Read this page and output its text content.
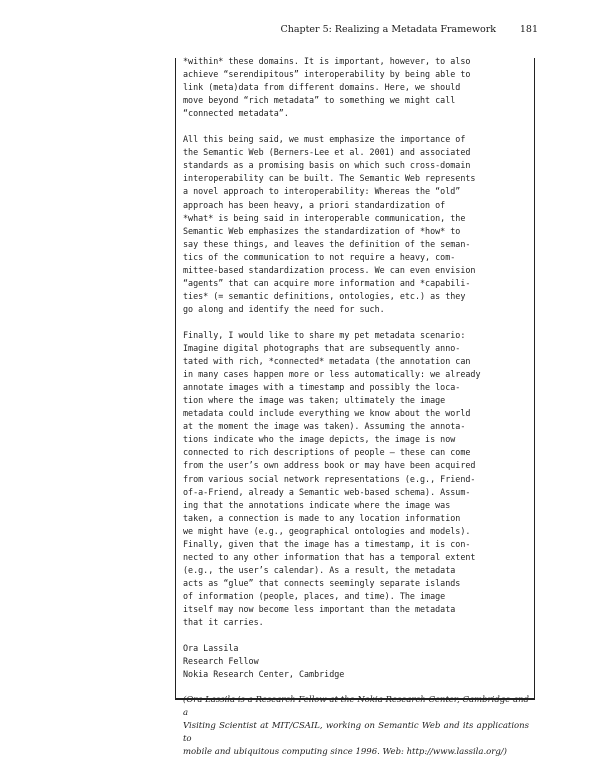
Chapter 5: Realizing a Metadata Framework	181

*within* these domains. It is important, however, to also
achieve “serendipitous” interoperability by being able to
link (meta)data from different domains. Here, we should
move beyond “rich metadata” to something we might call
“connected metadata”.

All this being said, we must emphasize the importance of
the Semantic Web (Berners-Lee et al. 2001) and associated
standards as a promising basis on which such cross-domain
interoperability can be built. The Semantic Web represents
a novel approach to interoperability: Whereas the “old”
approach has been heavy, a priori standardization of
*what* is being said in interoperable communication, the
Semantic Web emphasizes the standardization of *how* to
say these things, and leaves the definition of the seman-
tics of the communication to not require a heavy, com-
mittee-based standardization process. We can even envision
“agents” that can acquire more information and *capabili-
ties* (= semantic definitions, ontologies, etc.) as they
go along and identify the need for such.

Finally, I would like to share my pet metadata scenario:
Imagine digital photographs that are subsequently anno-
tated with rich, *connected* metadata (the annotation can
in many cases happen more or less automatically: we already
annotate images with a timestamp and possibly the loca-
tion where the image was taken; ultimately the image
metadata could include everything we know about the world
at the moment the image was taken). Assuming the annota-
tions indicate who the image depicts, the image is now
connected to rich descriptions of people – these can come
from the user’s own address book or may have been acquired
from various social network representations (e.g., Friend-
of-a-Friend, already a Semantic web-based schema). Assum-
ing that the annotations indicate where the image was
taken, a connection is made to any location information
we might have (e.g., geographical ontologies and models).
Finally, given that the image has a timestamp, it is con-
nected to any other information that has a temporal extent
(e.g., the user’s calendar). As a result, the metadata
acts as “glue” that connects seemingly separate islands
of information (people, places, and time). The image
itself may now become less important than the metadata
that it carries.

Ora Lassila
Research Fellow
Nokia Research Center, Cambridge

(Ora Lassila is a Research Fellow at the Nokia Research Center, Cambridge and a
Visiting Scientist at MIT/CSAIL, working on Semantic Web and its applications to
mobile and ubiquitous computing since 1996. Web: http://www.lassila.org/)
